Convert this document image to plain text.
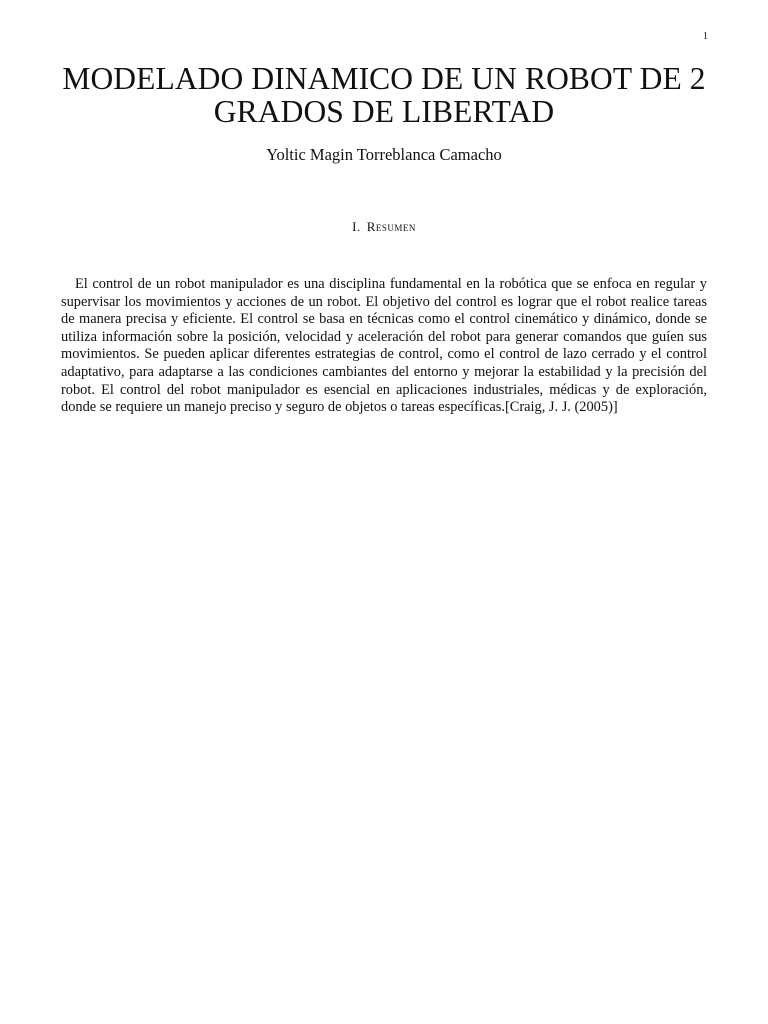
1
MODELADO DINAMICO DE UN ROBOT DE 2 GRADOS DE LIBERTAD
Yoltic Magin Torreblanca Camacho
I. Resumen

El control de un robot manipulador es una disciplina fundamental en la robótica que se enfoca en regular y supervisar los movimientos y acciones de un robot. El objetivo del control es lograr que el robot realice tareas de manera precisa y eficiente. El control se basa en técnicas como el control cinemático y dinámico, donde se utiliza información sobre la posición, velocidad y aceleración del robot para generar comandos que guíen sus movimientos. Se pueden aplicar diferentes estrategias de control, como el control de lazo cerrado y el control adaptativo, para adaptarse a las condiciones cambiantes del entorno y mejorar la estabilidad y la precisión del robot. El control del robot manipulador es esencial en aplicaciones industriales, médicas y de exploración, donde se requiere un manejo preciso y seguro de objetos o tareas específicas.[Craig, J. J. (2005)]
